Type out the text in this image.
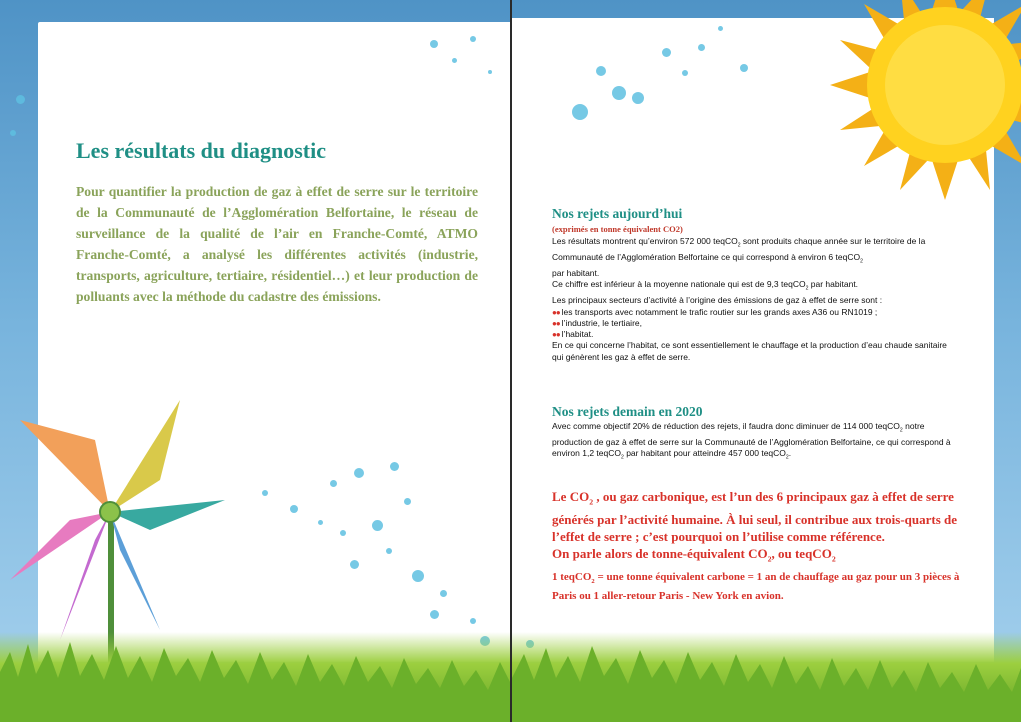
Les résultats du diagnostic

Pour quantifier la production de gaz à effet de serre sur le territoire de la Communauté de l’Agglomération Belfortaine, le réseau de surveillance de la qualité de l’air en Franche-Comté, ATMO Franche-Comté, a analysé les différentes activités (industrie, transports, agriculture, tertiaire, résidentiel…) et leur production de polluants avec la méthode du cadastre des émissions.

Nos rejets aujourd’hui

(exprimés en tonne équivalent CO2)

Les résultats montrent qu’environ 572 000 teqCO$_2$ sont produits chaque année sur le territoire de la Communauté de l’Agglomération Belfortaine ce qui correspond à environ 6 teqCO$_2$
par habitant.

Ce chiffre est inférieur à la moyenne nationale qui est de 9,3 teqCO$_2$ par habitant.

Les principaux secteurs d’activité à l’origine des émissions de gaz à effet de serre sont :

●● les transports avec notamment le trafic routier sur les grands axes A36 ou RN1019 ;

●● l’industrie, le tertiaire,

●● l’habitat.

En ce qui concerne l’habitat, ce sont essentiellement le chauffage et la production d’eau chaude sanitaire qui génèrent les gaz à effet de serre.

Nos rejets demain en 2020

Avec comme objectif 20% de réduction des rejets, il faudra donc diminuer de 114 000 teqCO$_2$ notre production de gaz à effet de serre sur la Communauté de l’Agglomération Belfortaine, ce qui correspond à environ 1,2 teqCO$_2$ par habitant pour atteindre 457 000 teqCO$_2$.

Le $CO_2$ , ou gaz carbonique, est l’un des 6 principaux gaz à effet de serre générés par l’activité humaine. À lui seul, il contribue aux trois-quarts de l’effet de serre ; c’est pourquoi on l’utilise comme référence.

On parle alors de tonne-équivalent $CO_2$, ou teqCO$_2$

1 teqCO$_2$ = une tonne équivalent carbone = 1 an de chauffage au gaz pour un 3 pièces à Paris ou 1 aller-retour Paris - New York en avion.
